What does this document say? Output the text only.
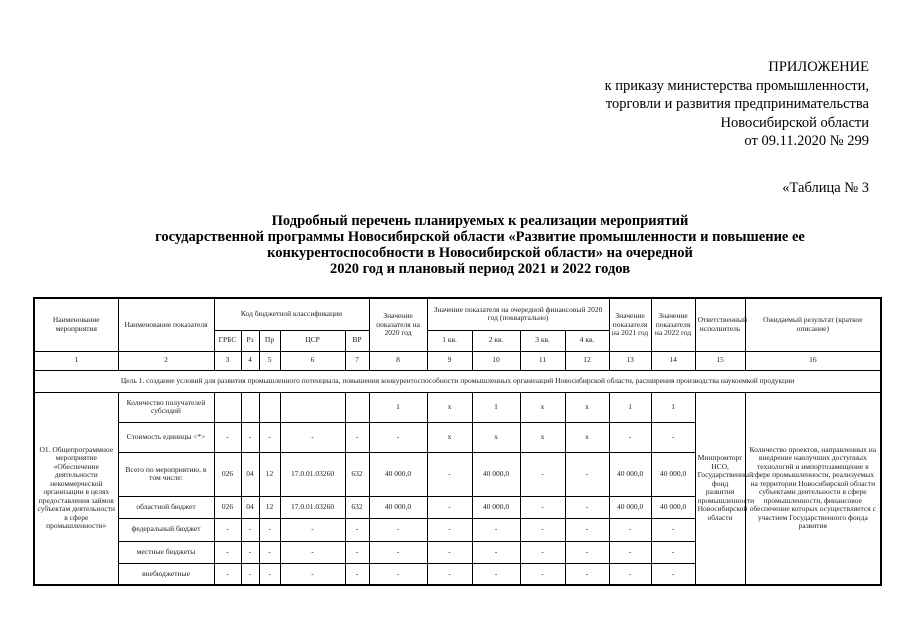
ПРИЛОЖЕНИЕ
к приказу министерства промышленности,
торговли и развития предпринимательства
Новосибирской области
от 09.11.2020 № 299
«Таблица № 3
Подробный перечень планируемых к реализации мероприятий
государственной программы Новосибирской области «Развитие промышленности и повышение ее
конкурентоспособности в Новосибирской области» на очередной
2020 год и плановый период 2021 и 2022 годов
Наименование мероприятия	Наименование показателя	Код бюджетной классификации					Значение показателя на 2020 год	Значение показателя на очередной финансовый 2020 год (поквартально)				Значение показателя на 2021 год	Значение показателя на 2022 год	Ответственный исполнитель	Ожидаемый результат (краткое описание)
		ГРБС	Рз	Пр	ЦСР	ВР		1 кв.	2 кв.	3 кв.	4 кв.				
1	2	3	4	5	6	7	8	9	10	11	12	13	14	15	16
Цель 1. создание условий для развития промышленного потенциала, повышения конкурентоспособности промышленных организаций Новосибирской области, расширения производства наукоемкой продукции															
О1. Общепрограммное мероприятие «Обеспечение деятельности некоммерческой организации в целях предоставления займов субъектам деятельности в сфере промышленности»	Количество получателей субсидий						1	x	1	x	x	1	1	Минпромторг НСО, Государственный фонд развития промышленности Новосибирской области	Количество проектов, направленных на внедрение наилучших доступных технологий и импортозамещение в сфере промышленности, реализуемых на территории Новосибирской области субъектами деятельности в сфере промышленности, финансовое обеспечение которых осуществляется с участием Государственного фонда развития
	Стоимость единицы <*>	-	-	-	-	-	-	x	x	x	x	-	-		
	Всего по мероприятию, в том числе:	026	04	12	17.0.01.03260	632	40 000,0	-	40 000,0	-	-	40 000,0	40 000,0		
	областной бюджет	026	04	12	17.0.01.03260	632	40 000,0	-	40 000,0	-	-	40 000,0	40 000,0		
	федеральный бюджет	-	-	-	-	-	-	-	-	-	-	-	-		
	местные бюджеты	-	-	-	-	-	-	-	-	-	-	-	-		
	внебюджетные	-	-	-	-	-	-	-	-	-	-	-	-		
